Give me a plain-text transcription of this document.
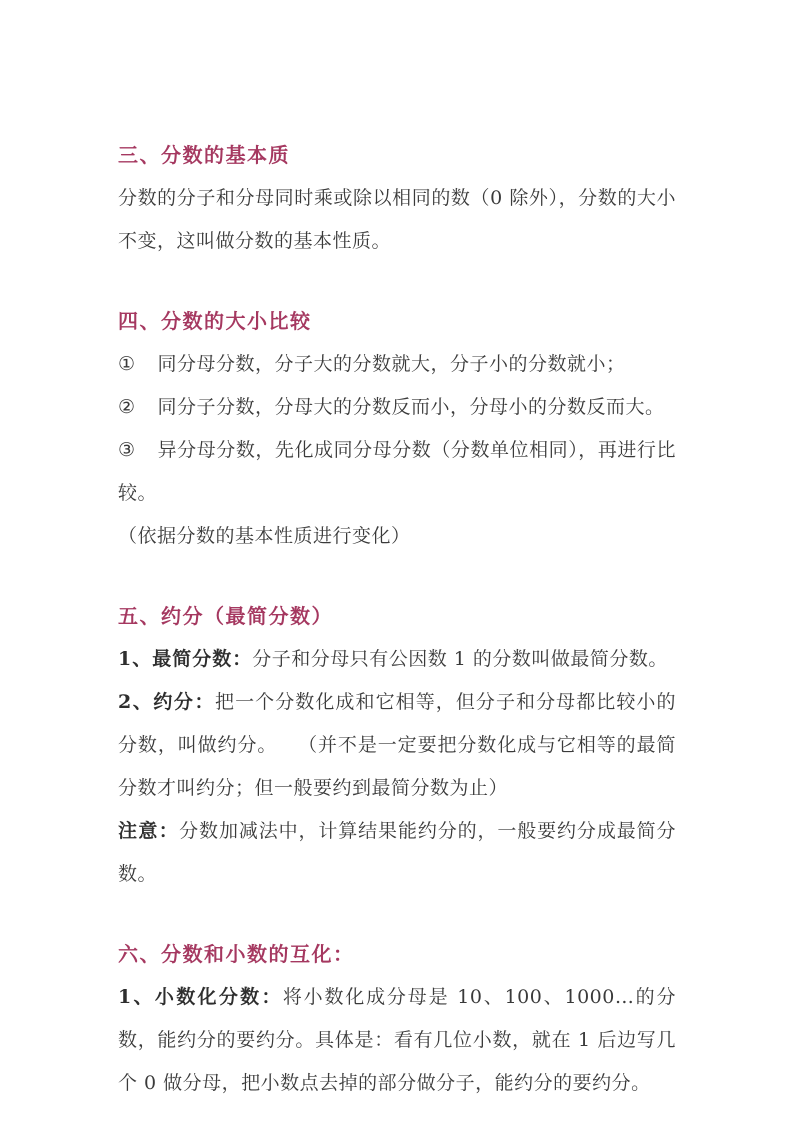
三、分数的基本质

分数的分子和分母同时乘或除以相同的数（0 除外），分数的大小不变，这叫做分数的基本性质。

四、分数的大小比较

① 同分母分数，分子大的分数就大，分子小的分数就小；

② 同分子分数，分母大的分数反而小，分母小的分数反而大。

③ 异分母分数，先化成同分母分数（分数单位相同），再进行比较。

（依据分数的基本性质进行变化）

五、约分（最简分数）

1、最简分数：分子和分母只有公因数 1 的分数叫做最简分数。

2、约分：把一个分数化成和它相等，但分子和分母都比较小的分数，叫做约分。　　（并不是一定要把分数化成与它相等的最简分数才叫约分；但一般要约到最简分数为止）

注意：分数加减法中，计算结果能约分的，一般要约分成最简分数。

六、分数和小数的互化：

1、小数化分数：将小数化成分母是 10、100、1000…的分数，能约分的要约分。具体是：看有几位小数，就在 1 后边写几个 0 做分母，把小数点去掉的部分做分子，能约分的要约分。
